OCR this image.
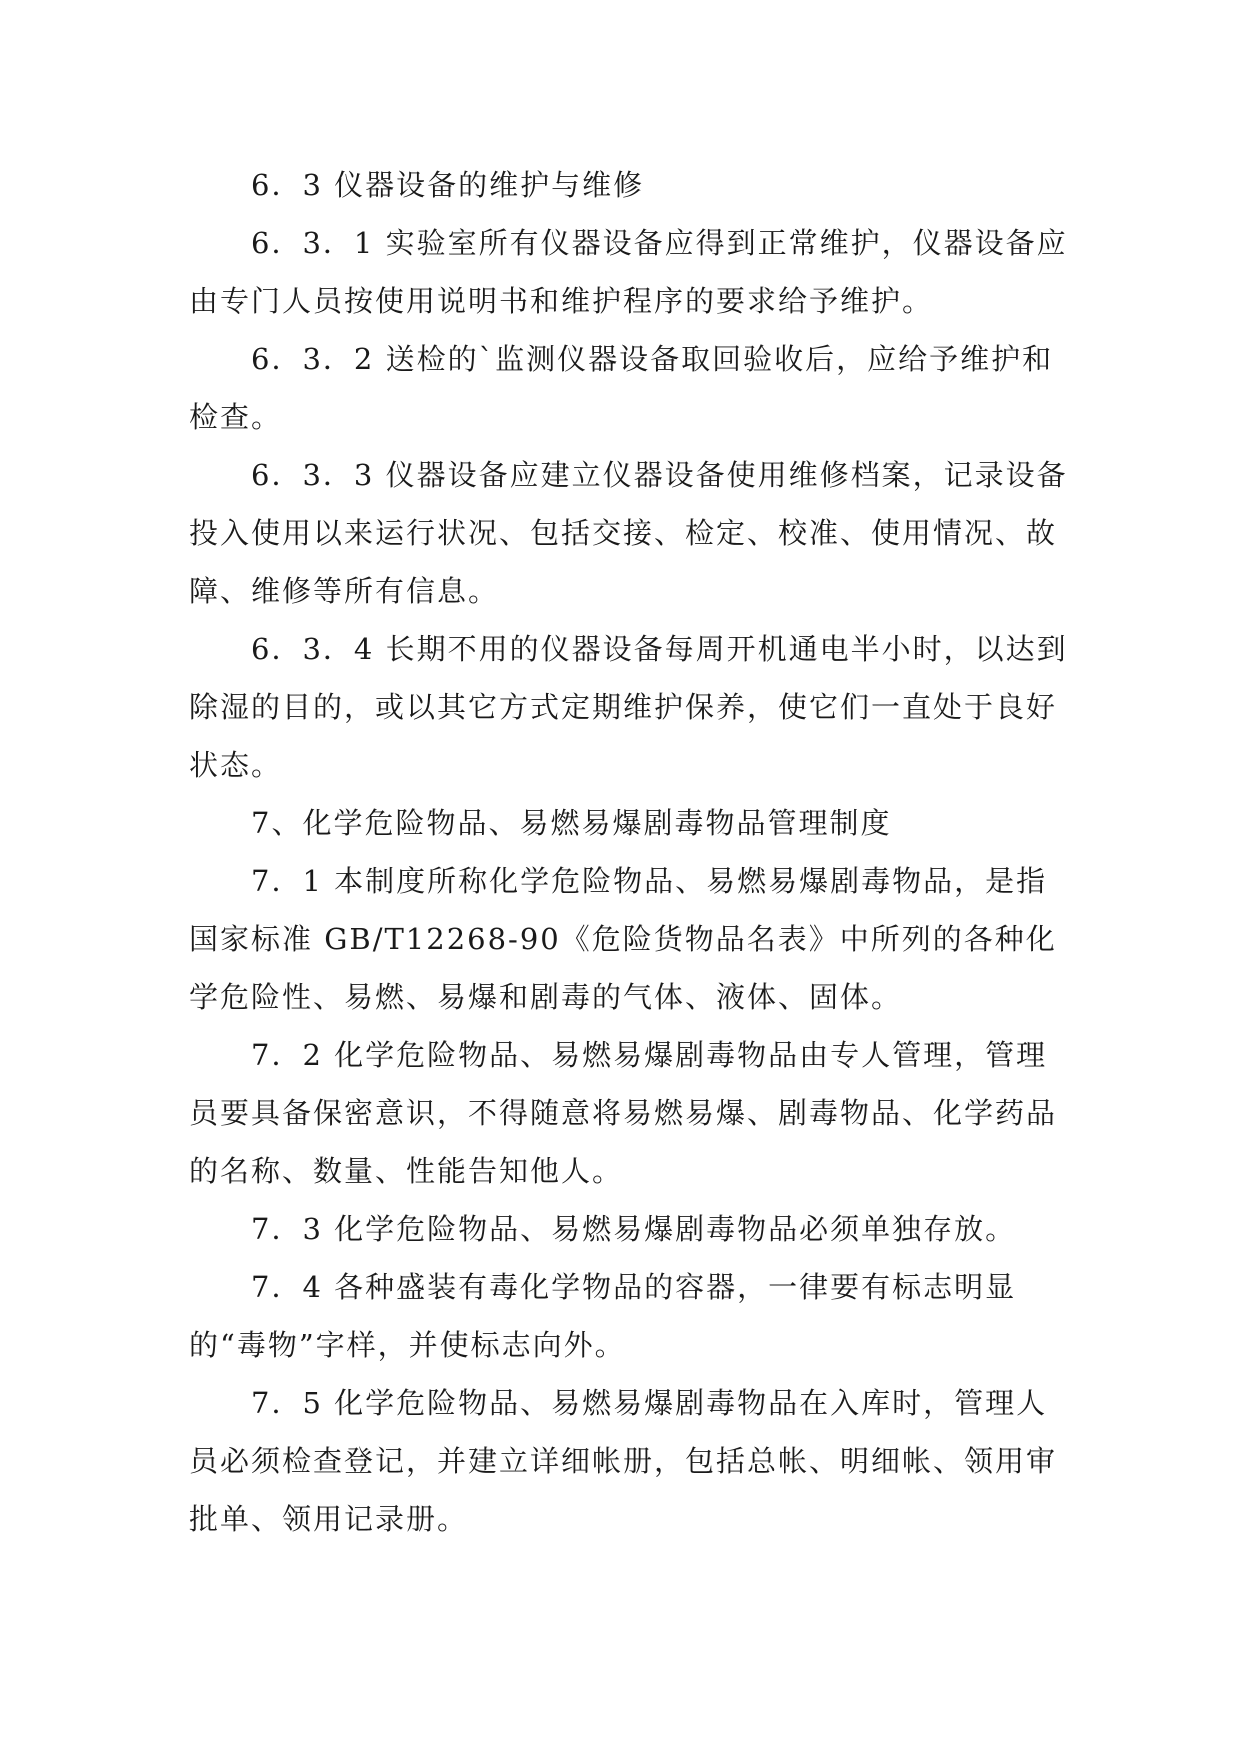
6．3 仪器设备的维护与维修

6．3．1 实验室所有仪器设备应得到正常维护，仪器设备应由专门人员按使用说明书和维护程序的要求给予维护。

6．3．2 送检的`监测仪器设备取回验收后，应给予维护和检查。

6．3．3 仪器设备应建立仪器设备使用维修档案，记录设备投入使用以来运行状况、包括交接、检定、校准、使用情况、故障、维修等所有信息。

6．3．4 长期不用的仪器设备每周开机通电半小时，以达到除湿的目的，或以其它方式定期维护保养，使它们一直处于良好状态。

7、化学危险物品、易燃易爆剧毒物品管理制度

7．1 本制度所称化学危险物品、易燃易爆剧毒物品，是指国家标准 GB/T12268-90《危险货物品名表》中所列的各种化学危险性、易燃、易爆和剧毒的气体、液体、固体。

7．2 化学危险物品、易燃易爆剧毒物品由专人管理，管理员要具备保密意识，不得随意将易燃易爆、剧毒物品、化学药品的名称、数量、性能告知他人。

7．3 化学危险物品、易燃易爆剧毒物品必须单独存放。

7．4 各种盛装有毒化学物品的容器，一律要有标志明显的“毒物”字样，并使标志向外。

7．5 化学危险物品、易燃易爆剧毒物品在入库时，管理人员必须检查登记，并建立详细帐册，包括总帐、明细帐、领用审批单、领用记录册。
